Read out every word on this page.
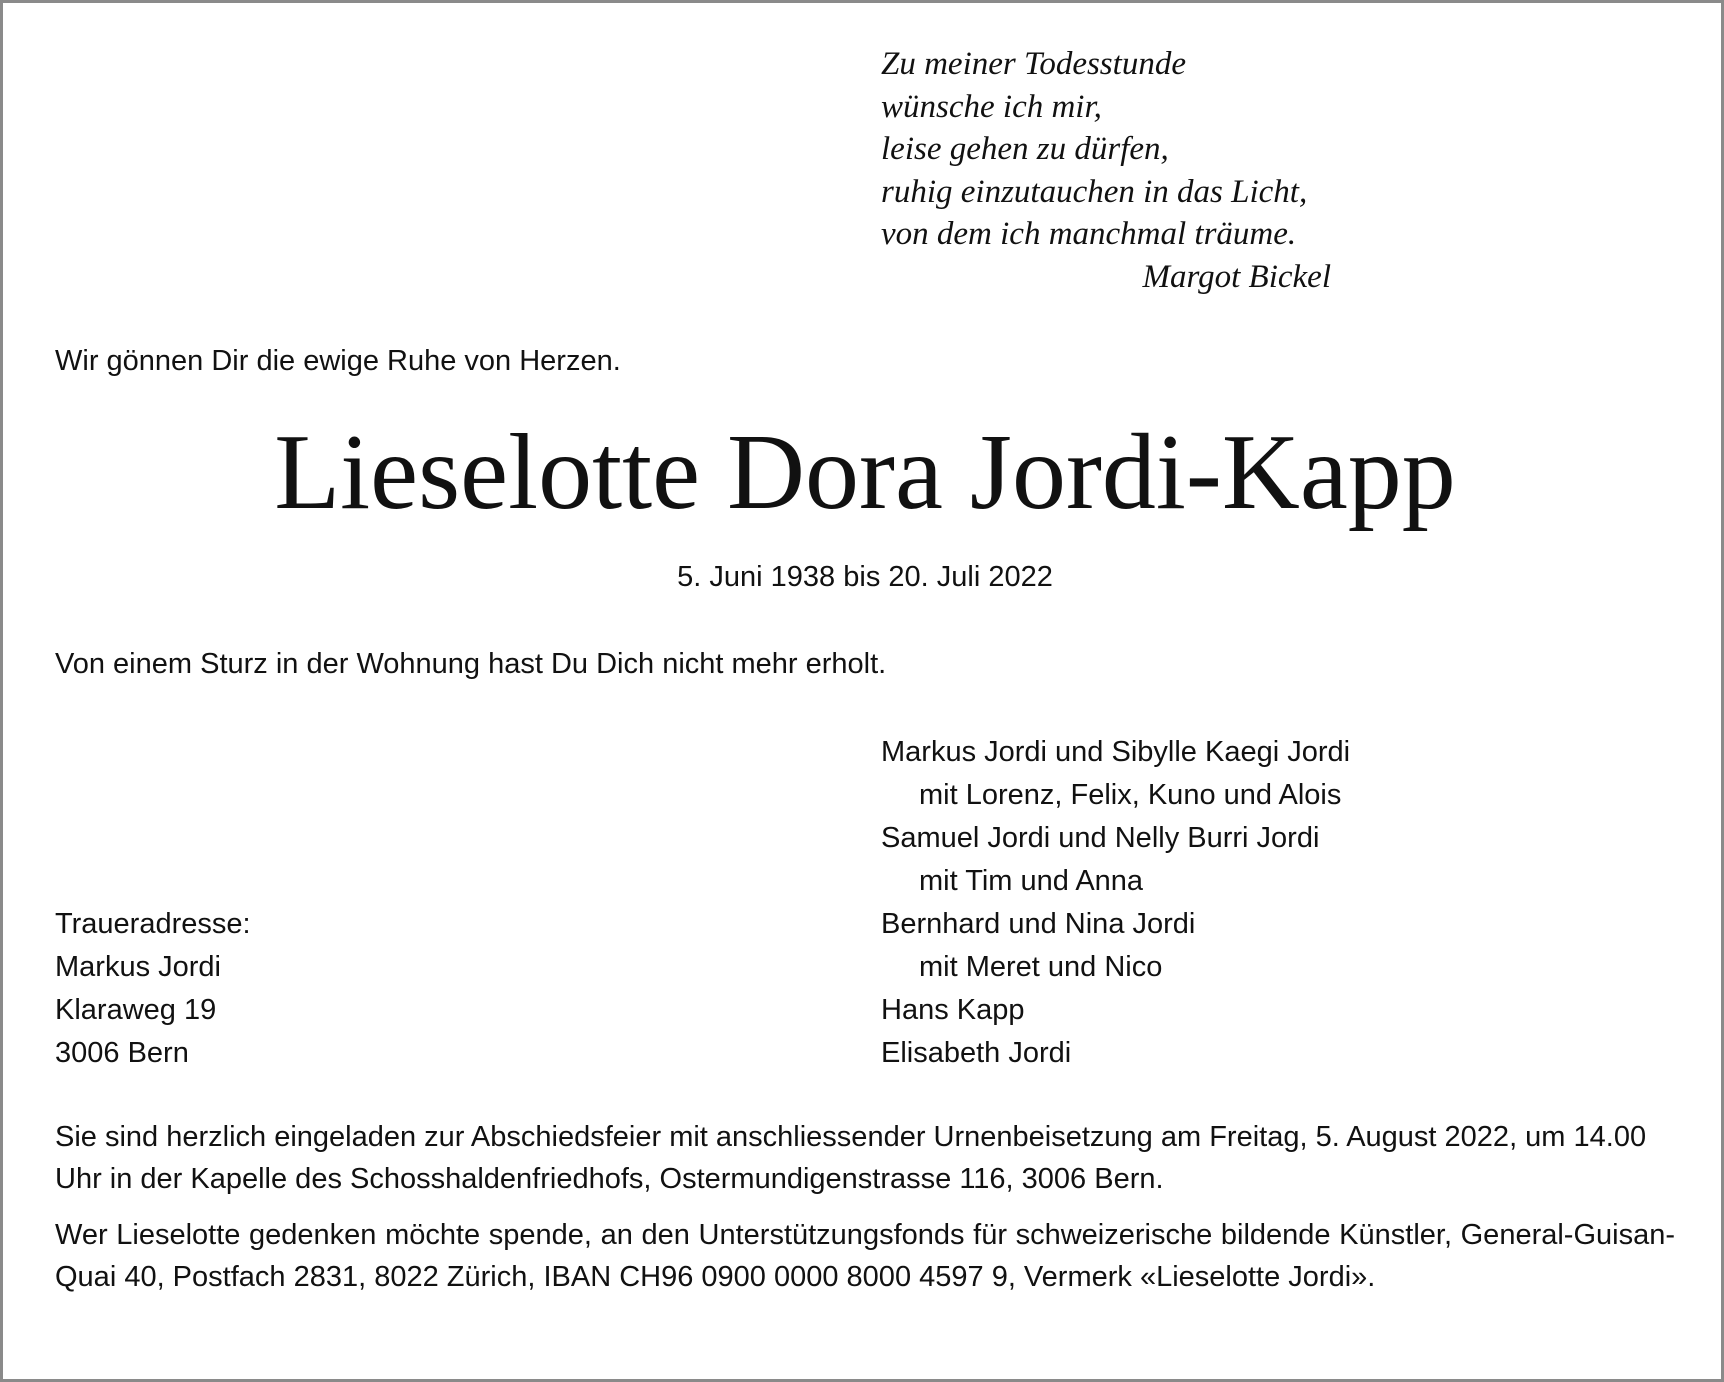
Zu meiner Todesstunde
wünsche ich mir,
leise gehen zu dürfen,
ruhig einzutauchen in das Licht,
von dem ich manchmal träume.
Margot Bickel
Wir gönnen Dir die ewige Ruhe von Herzen.
Lieselotte Dora Jordi-Kapp
5. Juni 1938 bis 20. Juli 2022
Von einem Sturz in der Wohnung hast Du Dich nicht mehr erholt.
Markus Jordi und Sibylle Kaegi Jordi
mit Lorenz, Felix, Kuno und Alois
Samuel Jordi und Nelly Burri Jordi
mit Tim und Anna
Bernhard und Nina Jordi
mit Meret und Nico
Hans Kapp
Elisabeth Jordi
Traueradresse:
Markus Jordi
Klaraweg 19
3006 Bern
Sie sind herzlich eingeladen zur Abschiedsfeier mit anschliessender Urnenbeisetzung am Freitag, 5. August 2022, um 14.00 Uhr in der Kapelle des Schosshaldenfriedhofs, Ostermundigenstrasse 116, 3006 Bern.
Wer Lieselotte gedenken möchte spende, an den Unterstützungsfonds für schweizerische bildende Künstler, General-Guisan-Quai 40, Postfach 2831, 8022 Zürich, IBAN CH96 0900 0000 8000 4597 9, Vermerk «Lieselotte Jordi».
